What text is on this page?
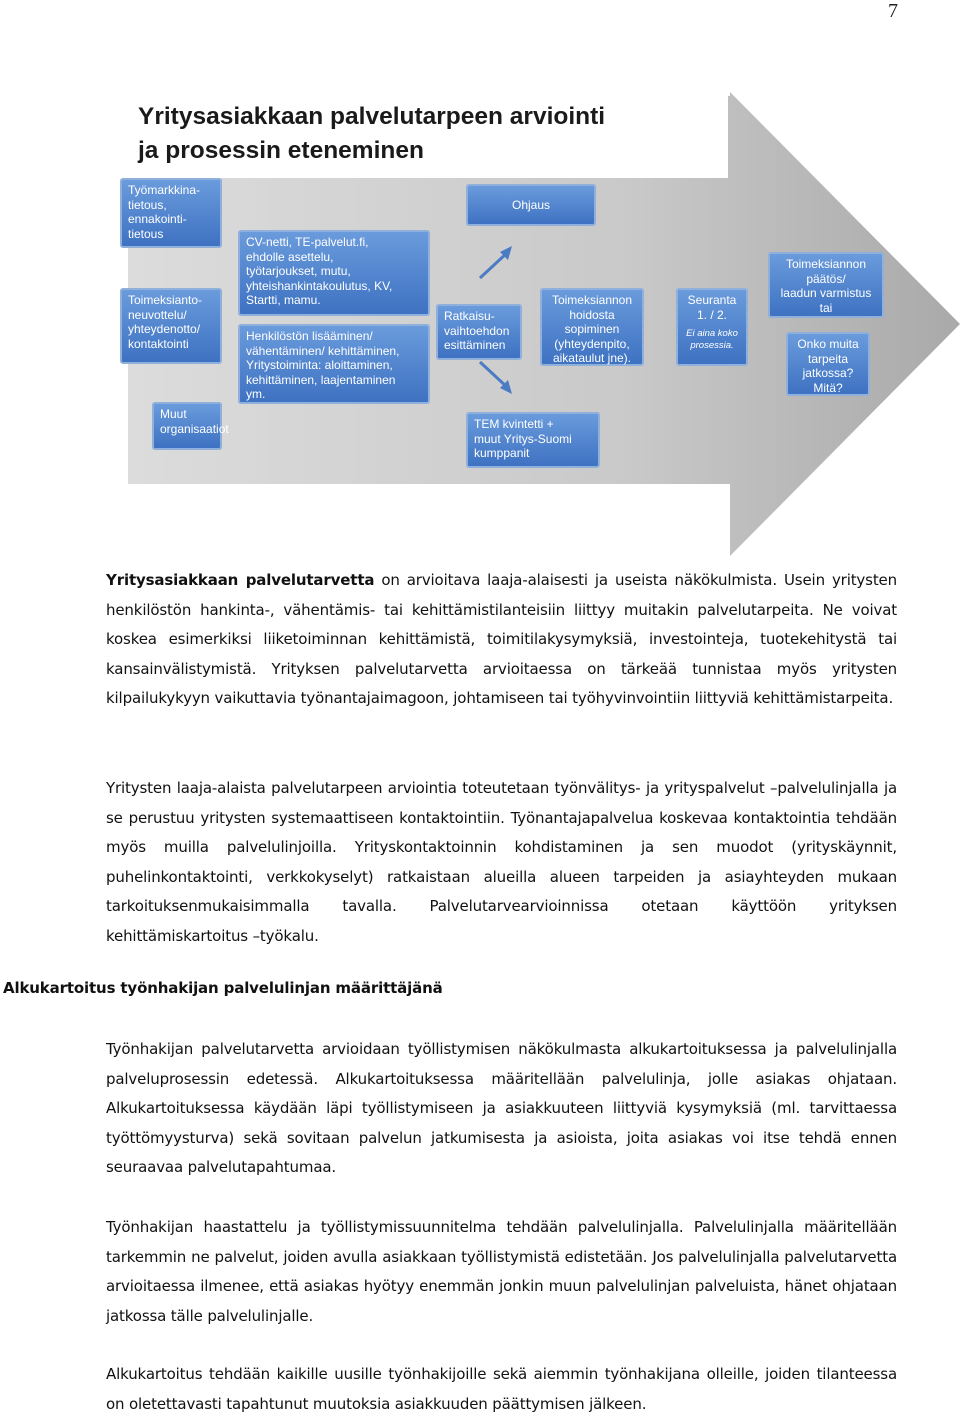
7
Yritysasiakkaan palvelutarpeen arviointi
ja prosessin eteneminen
Työmarkkina-
tietous,
ennakointi-
tietous
Toimeksianto-
neuvottelu/
yhteydenotto/
kontaktointi
Muut
organisaatiot
CV-netti, TE-palvelut.fi,
ehdolle asettelu,
työtarjoukset, mutu,
yhteishankintakoulutus, KV,
Startti, mamu.
Henkilöstön lisääminen/
vähentäminen/ kehittäminen,
Yritystoiminta: aloittaminen,
kehittäminen, laajentaminen
ym.
Ratkaisu-
vaihtoehdon
esittäminen
Ohjaus
Toimeksiannon
hoidosta
sopiminen
(yhteydenpito,
aikataulut jne).
TEM kvintetti +
muut Yritys-Suomi
kumppanit
Seuranta
1. / 2.
Ei aina koko
prosessia.
Toimeksiannon
päätös/
laadun varmistus
tai
Onko muita
tarpeita
jatkossa?
Mitä?
Yritysasiakkaan palvelutarvetta on arvioitava laaja-alaisesti ja useista näkökulmista. Usein yritysten henkilöstön hankinta-, vähentämis- tai kehittämistilanteisiin liittyy muitakin palvelutarpeita. Ne voivat koskea esimerkiksi liiketoiminnan kehittämistä, toimitilakysymyksiä, investointeja, tuotekehitystä tai kansainvälistymistä. Yrityksen palvelutarvetta arvioitaessa on tärkeää tunnistaa myös yritysten kilpailukykyyn vaikuttavia työnantajaimagoon, johtamiseen tai työhyvinvointiin liittyviä kehittämistarpeita.
Yritysten laaja-alaista palvelutarpeen arviointia toteutetaan työnvälitys- ja yrityspalvelut –palvelulinjalla ja se perustuu yritysten systemaattiseen kontaktointiin. Työnantajapalvelua koskevaa kontaktointia tehdään myös muilla palvelulinjoilla. Yrityskontaktoinnin kohdistaminen ja sen muodot (yrityskäynnit, puhelinkontaktointi, verkkokyselyt) ratkaistaan alueilla alueen tarpeiden ja asiayhteyden mukaan tarkoituksenmukaisimmalla tavalla. Palvelutarvearvioinnissa otetaan käyttöön yrityksen kehittämiskartoitus –työkalu.
Alkukartoitus työnhakijan palvelulinjan määrittäjänä
Työnhakijan palvelutarvetta arvioidaan työllistymisen näkökulmasta alkukartoituksessa ja palvelulinjalla palveluprosessin edetessä. Alkukartoituksessa määritellään palvelulinja, jolle asiakas ohjataan. Alkukartoituksessa käydään läpi työllistymiseen ja asiakkuuteen liittyviä kysymyksiä (ml. tarvittaessa työttömyysturva) sekä sovitaan palvelun jatkumisesta ja asioista, joita asiakas voi itse tehdä ennen seuraavaa palvelutapahtumaa.
Työnhakijan haastattelu ja työllistymissuunnitelma tehdään palvelulinjalla. Palvelulinjalla määritellään tarkemmin ne palvelut, joiden avulla asiakkaan työllistymistä edistetään. Jos palvelulinjalla palvelutarvetta arvioitaessa ilmenee, että asiakas hyötyy enemmän jonkin muun palvelulinjan palveluista, hänet ohjataan jatkossa tälle palvelulinjalle.
Alkukartoitus tehdään kaikille uusille työnhakijoille sekä aiemmin työnhakijana olleille, joiden tilanteessa on oletettavasti tapahtunut muutoksia asiakkuuden päättymisen jälkeen.
